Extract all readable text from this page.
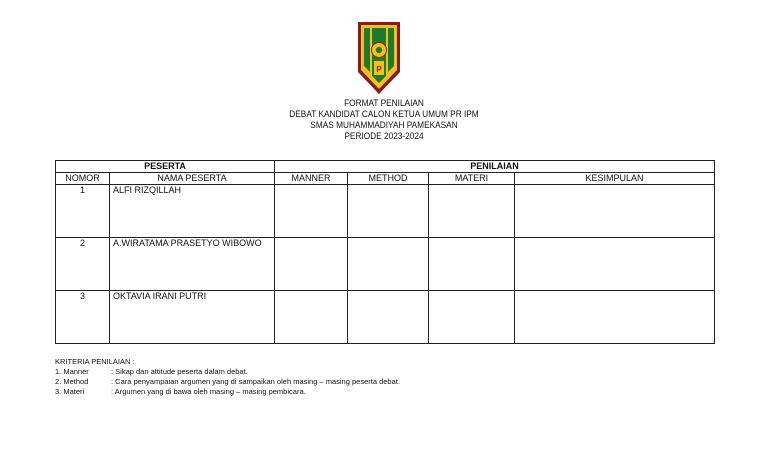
P
FORMAT PENILAIAN
DEBAT KANDIDAT CALON KETUA UMUM PR IPM
SMAS MUHAMMADIYAH PAMEKASAN
PERIODE 2023-2024
PESERTA		PENILAIAN			
NOMOR	NAMA PESERTA	MANNER	METHOD	MATERI	KESIMPULAN
1	ALFI RIZQILLAH				
2	A.WIRATAMA PRASETYO WIBOWO				
3	OKTAVIA IRANI PUTRI				
KRITERIA PENILAIAN :
1. Manner	: Sikap dan attitude peserta dalam debat.
2. Method	: Cara penyampaian argumen yang di sampaikan oleh masing – masing peserta debat.
3. Materi	: Argumen yang di bawa oleh masing – masing pembicara.
